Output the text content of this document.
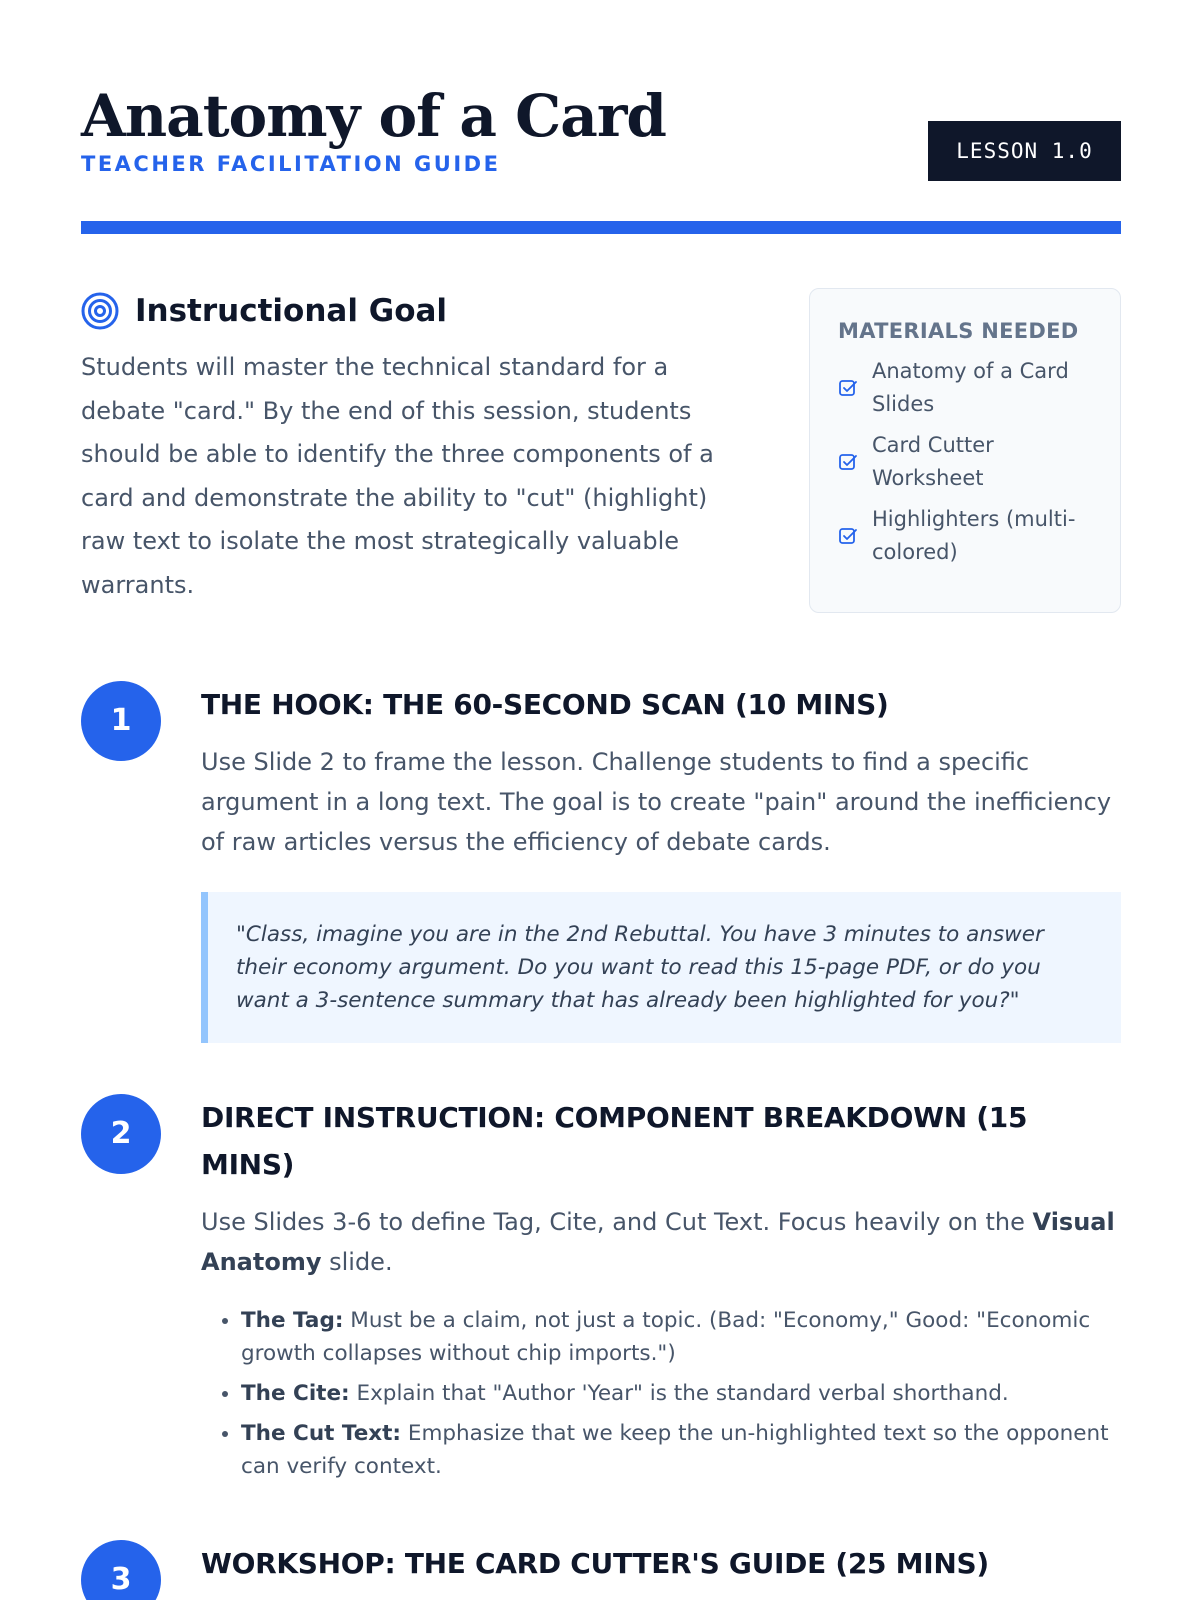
Anatomy of a Card
TEACHER FACILITATION GUIDE
LESSON 1.0
Instructional Goal

Students will master the technical standard for a debate "card." By the end of this session, students should be able to identify the three components of a card and demonstrate the ability to "cut" (highlight) raw text to isolate the most strategically valuable warrants.

MATERIALS NEEDED
Anatomy of a Card Slides
Card Cutter Worksheet
Highlighters (multi-colored)
1	THE HOOK: THE 60-SECOND SCAN (10 MINS)

Use Slide 2 to frame the lesson. Challenge students to find a specific argument in a long text. The goal is to create "pain" around the inefficiency of raw articles versus the efficiency of debate cards.

"Class, imagine you are in the 2nd Rebuttal. You have 3 minutes to answer their economy argument. Do you want to read this 15-page PDF, or do you want a 3-sentence summary that has already been highlighted for you?"
2	DIRECT INSTRUCTION: COMPONENT BREAKDOWN (15 MINS)

Use Slides 3-6 to define Tag, Cite, and Cut Text. Focus heavily on the Visual Anatomy slide.

• The Tag: Must be a claim, not just a topic. (Bad: "Economy," Good: "Economic growth collapses without chip imports.")
• The Cite: Explain that "Author 'Year" is the standard verbal shorthand.
• The Cut Text: Emphasize that we keep the un-highlighted text so the opponent can verify context.
3	WORKSHOP: THE CARD CUTTER'S GUIDE (25 MINS)
